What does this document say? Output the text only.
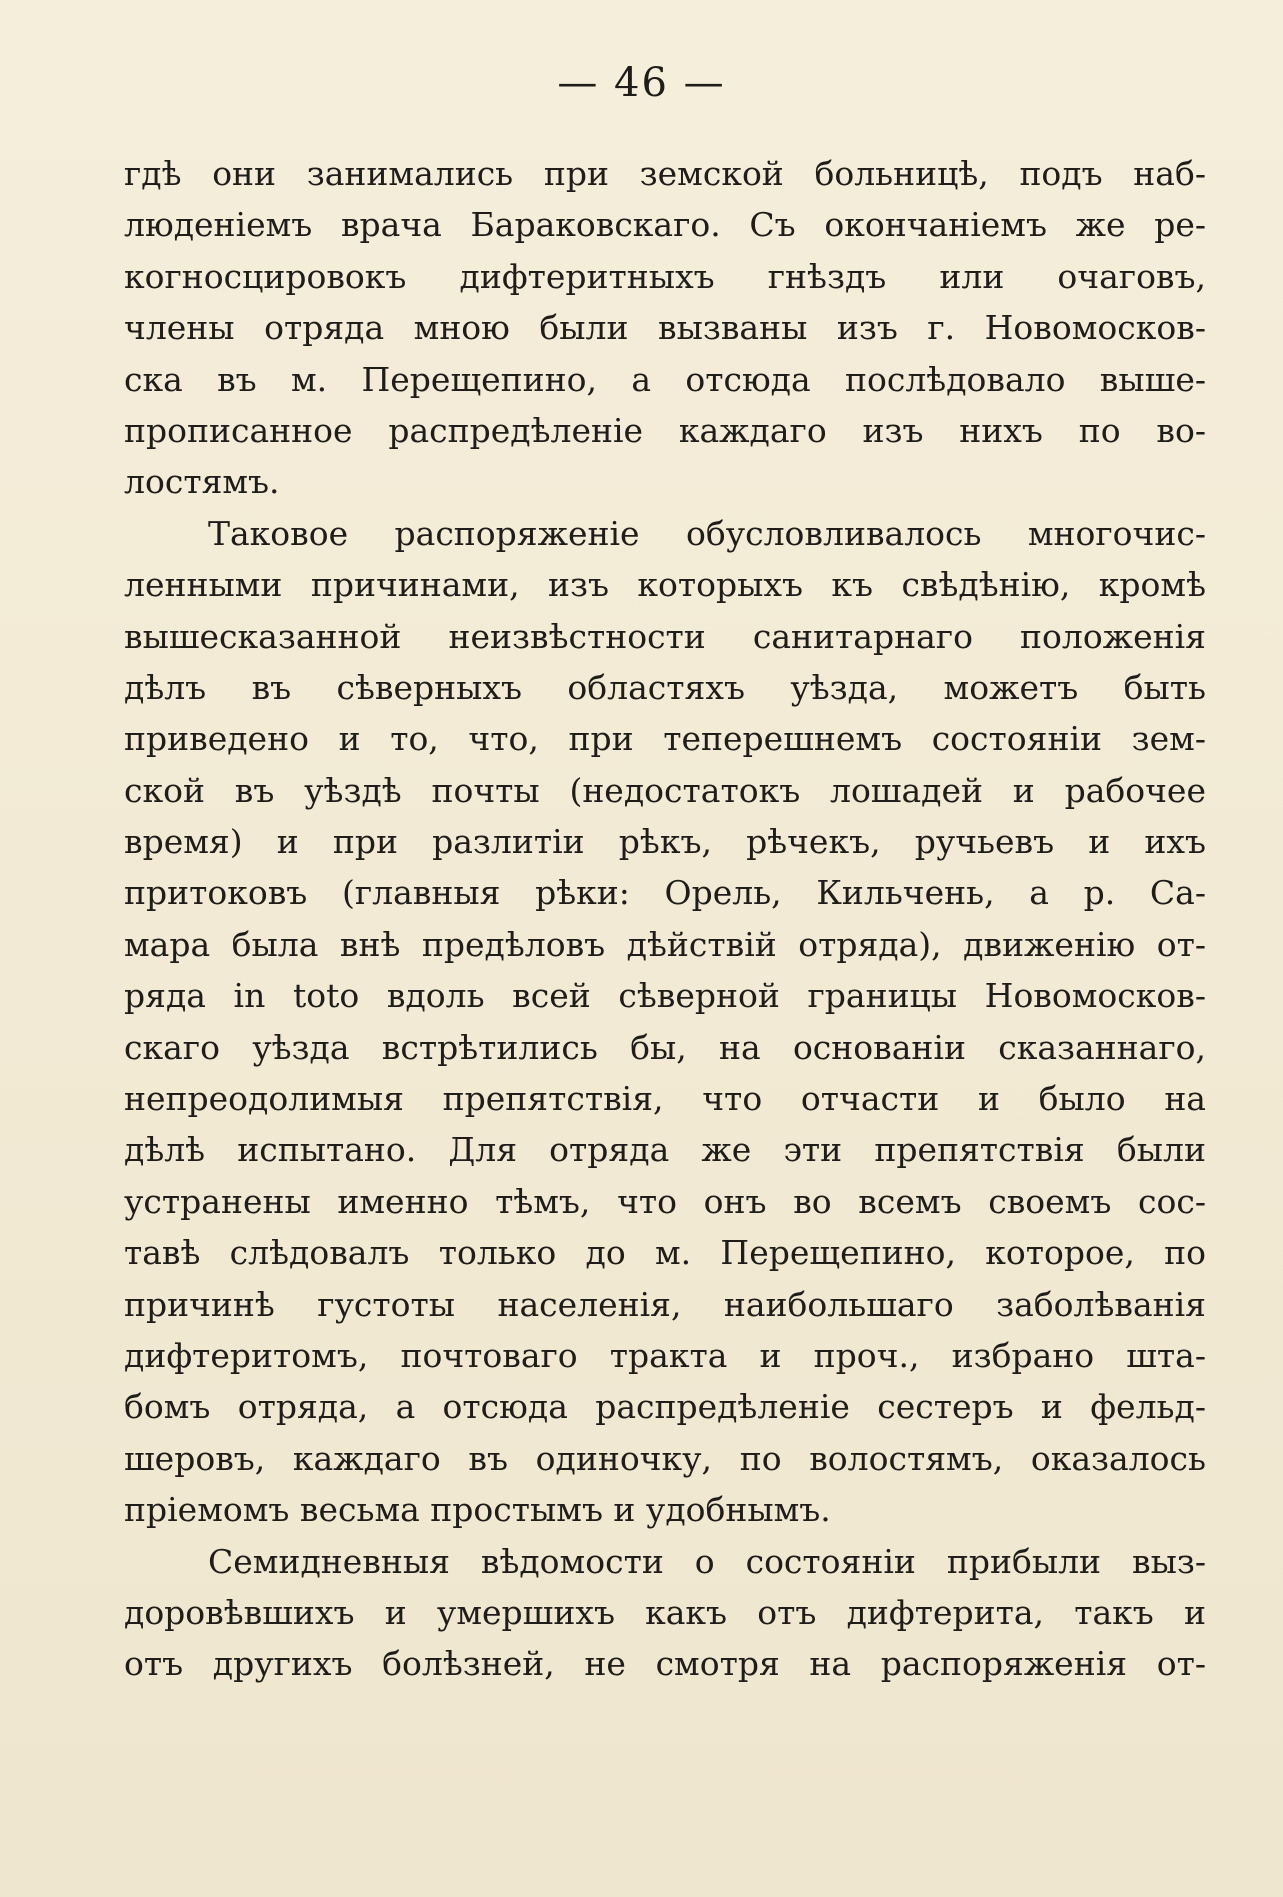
— 46 —
гдѣ они занимались при земской больницѣ, подъ наб-
люденіемъ врача Бараковскаго. Съ окончаніемъ же ре-
когносцировокъ дифтеритныхъ гнѣздъ или очаговъ,
члены отряда мною были вызваны изъ г. Новомосков-
ска въ м. Перещепино, а отсюда послѣдовало выше-
прописанное распредѣленіе каждаго изъ нихъ по во-
лостямъ.
Таковое распоряженіе обусловливалось многочис-
ленными причинами, изъ которыхъ къ свѣдѣнію, кромѣ
вышесказанной неизвѣстности санитарнаго положенія
дѣлъ въ сѣверныхъ областяхъ уѣзда, можетъ быть
приведено и то, что, при теперешнемъ состояніи зем-
ской въ уѣздѣ почты (недостатокъ лошадей и рабочее
время) и при разлитіи рѣкъ, рѣчекъ, ручьевъ и ихъ
притоковъ (главныя рѣки: Орель, Кильчень, а р. Са-
мара была внѣ предѣловъ дѣйствій отряда), движенію от-
ряда in toto вдоль всей сѣверной границы Новомосков-
скаго уѣзда встрѣтились бы, на основаніи сказаннаго,
непреодолимыя препятствія, что отчасти и было на
дѣлѣ испытано. Для отряда же эти препятствія были
устранены именно тѣмъ, что онъ во всемъ своемъ сос-
тавѣ слѣдовалъ только до м. Перещепино, которое, по
причинѣ густоты населенія, наибольшаго заболѣванія
дифтеритомъ, почтоваго тракта и проч., избрано шта-
бомъ отряда, а отсюда распредѣленіе сестеръ и фельд-
шеровъ, каждаго въ одиночку, по волостямъ, оказалось
пріемомъ весьма простымъ и удобнымъ.
Семидневныя вѣдомости о состояніи прибыли выз-
доровѣвшихъ и умершихъ какъ отъ дифтерита, такъ и
отъ другихъ болѣзней, не смотря на распоряженія от-
